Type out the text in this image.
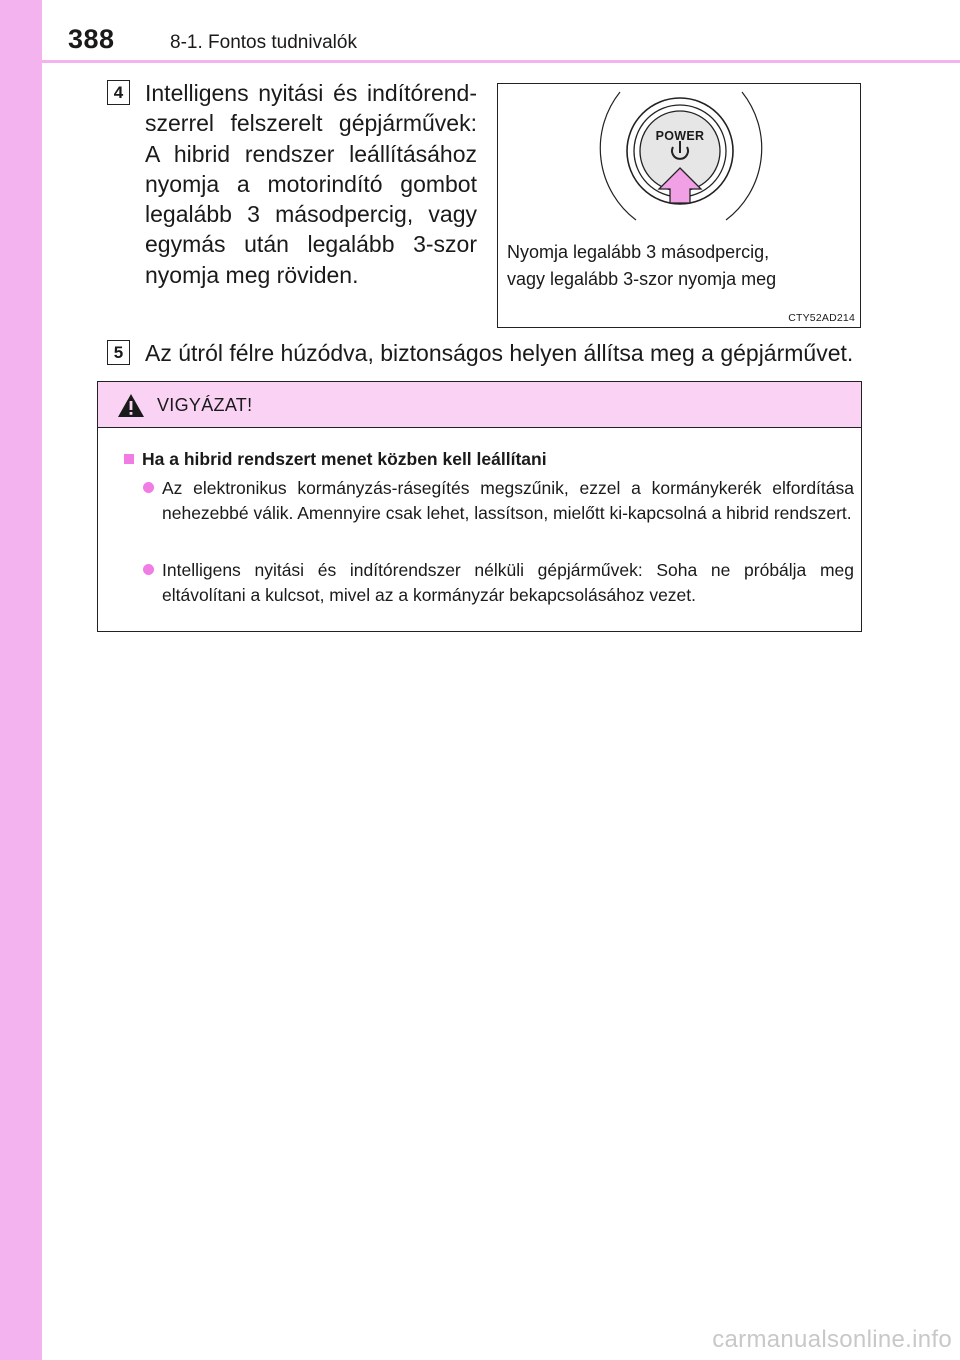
388	8-1. Fontos tudnivalók
4 Intelligens nyitási és indítórend-szerrel felszerelt gépjárművek: A hibrid rendszer leállításához nyomja a motorindító gombot legalább 3 másodpercig, vagy egymás után legalább 3-szor nyomja meg röviden.
POWER
Nyomja legalább 3 másodpercig,
vagy legalább 3-szor nyomja meg
CTY52AD214
5 Az útról félre húzódva, biztonságos helyen állítsa meg a gépjárművet.
VIGYÁZAT!
Ha a hibrid rendszert menet közben kell leállítani
Az elektronikus kormányzás-rásegítés megszűnik, ezzel a kormánykerék elfordítása nehezebbé válik. Amennyire csak lehet, lassítson, mielőtt ki-kapcsolná a hibrid rendszert.
Intelligens nyitási és indítórendszer nélküli gépjárművek: Soha ne próbálja meg eltávolítani a kulcsot, mivel az a kormányzár bekapcsolásához vezet.
carmanualsonline.info
